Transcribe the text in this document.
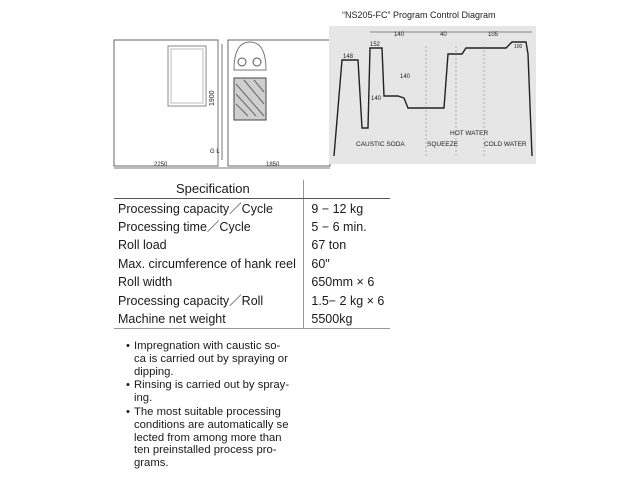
1900
G L
2250	1850
“NS205-FC” Program Control Diagram
140	40	105
148
152
140
140
100
CAUSTIC SODA	SQUEEZE
HOT WATER
COLD WATER
Specification	
Processing capacity／Cycle	9 − 12 kg
Processing time／Cycle	5 − 6 min.
Roll load	67 ton
Max. circumference of hank reel	60"
Roll width	650mm × 6
Processing capacity／Roll	1.5− 2 kg × 6
Machine net weight	5500kg
• Impregnation with caustic so-
ca is carried out by spraying or
dipping.
• Rinsing is carried out by spray-
ing.
• The most suitable processing
conditions are automatically se
lected from among more than
ten preinstalled process pro-
grams.
